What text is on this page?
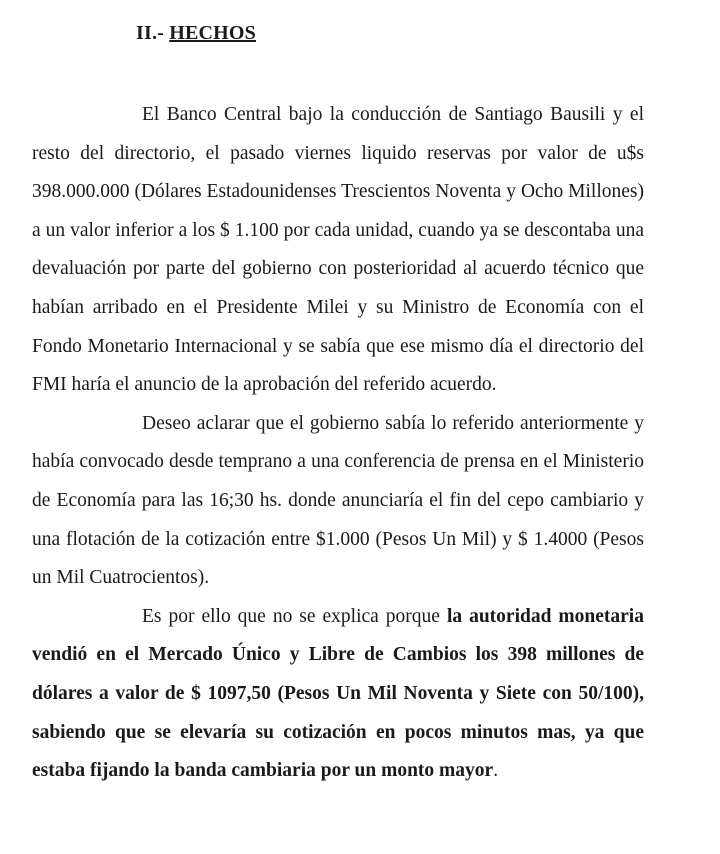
II.- HECHOS

El Banco Central bajo la conducción de Santiago Bausili y el resto del directorio, el pasado viernes liquido reservas por valor de u$s 398.000.000 (Dólares Estadounidenses Trescientos Noventa y Ocho Millones) a un valor inferior a los $ 1.100 por cada unidad, cuando ya se descontaba una devaluación por parte del gobierno con posterioridad al acuerdo técnico que habían arribado en el Presidente Milei y su Ministro de Economía con el Fondo Monetario Internacional y se sabía que ese mismo día el directorio del FMI haría el anuncio de la aprobación del referido acuerdo.

Deseo aclarar que el gobierno sabía lo referido anteriormente y había convocado desde temprano a una conferencia de prensa en el Ministerio de Economía para las 16;30 hs. donde anunciaría el fin del cepo cambiario y una flotación de la cotización entre $1.000 (Pesos Un Mil) y $ 1.4000 (Pesos un Mil Cuatrocientos).

Es por ello que no se explica porque la autoridad monetaria vendió en el Mercado Único y Libre de Cambios los 398 millones de dólares a valor de $ 1097,50 (Pesos Un Mil Noventa y Siete con 50/100), sabiendo que se elevaría su cotización en pocos minutos mas, ya que estaba fijando la banda cambiaria por un monto mayor.
